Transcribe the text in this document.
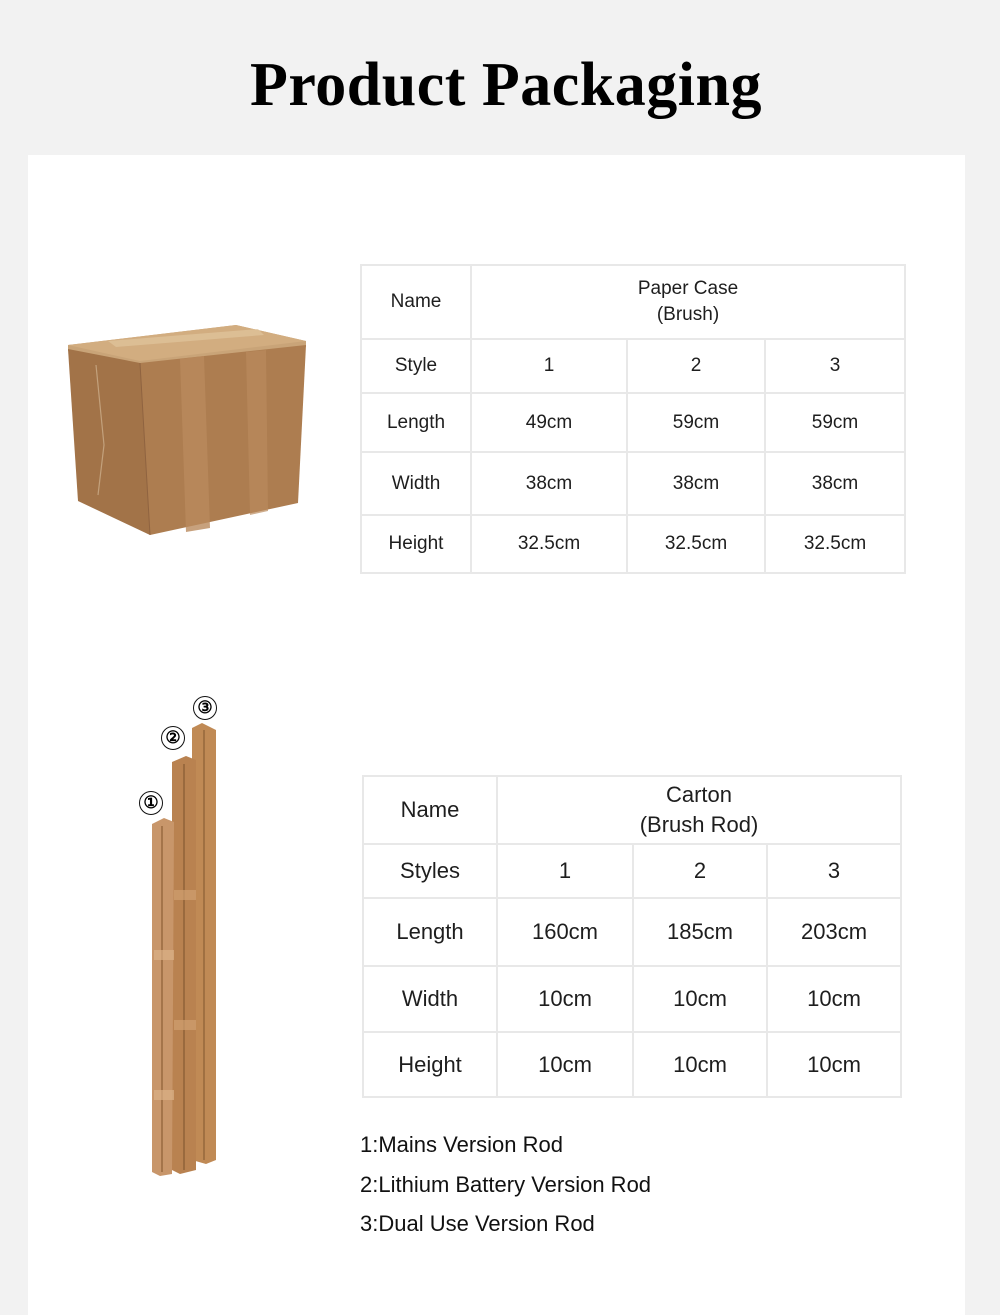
Product Packaging
①
②
③
Name	Paper Case
(Brush)		

Style	1	2	3
Length	49cm	59cm	59cm
Width	38cm	38cm	38cm
Height	32.5cm	32.5cm	32.5cm
Name	Carton
(Brush Rod)		

Styles	1	2	3
Length	160cm	185cm	203cm
Width	10cm	10cm	10cm
Height	10cm	10cm	10cm
1:Mains Version Rod
2:Lithium Battery Version Rod
3:Dual Use Version Rod
